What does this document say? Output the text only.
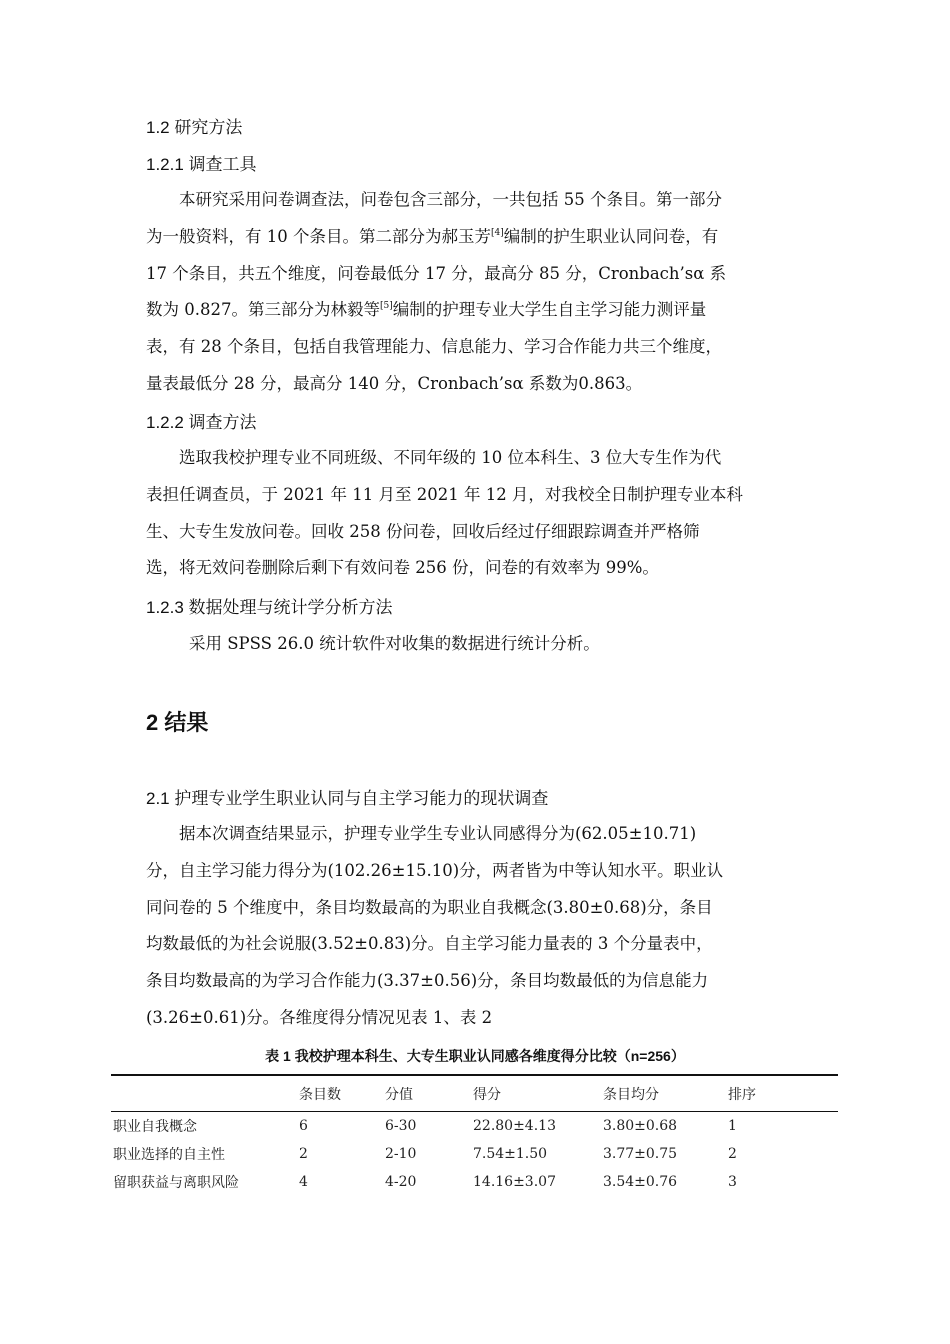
1.2 研究方法
1.2.1 调查工具
本研究采用问卷调查法，问卷包含三部分，一共包括 55 个条目。第一部分
为一般资料，有 10 个条目。第二部分为郝玉芳[4]编制的护生职业认同问卷，有
17 个条目，共五个维度，问卷最低分 17 分，最高分 85 分，Cronbach’sα 系
数为 0.827。第三部分为林毅等[5]编制的护理专业大学生自主学习能力测评量
表，有 28 个条目，包括自我管理能力、信息能力、学习合作能力共三个维度，
量表最低分 28 分，最高分 140 分，Cronbach’sα 系数为0.863。
1.2.2 调查方法
选取我校护理专业不同班级、不同年级的 10 位本科生、3 位大专生作为代
表担任调查员，于 2021 年 11 月至 2021 年 12 月，对我校全日制护理专业本科
生、大专生发放问卷。回收 258 份问卷，回收后经过仔细跟踪调查并严格筛
选，将无效问卷删除后剩下有效问卷 256 份，问卷的有效率为 99%。
1.2.3 数据处理与统计学分析方法
采用 SPSS 26.0 统计软件对收集的数据进行统计分析。
2 结果
2.1 护理专业学生职业认同与自主学习能力的现状调查
据本次调查结果显示，护理专业学生专业认同感得分为(62.05±10.71)
分，自主学习能力得分为(102.26±15.10)分，两者皆为中等认知水平。职业认
同问卷的 5 个维度中，条目均数最高的为职业自我概念(3.80±0.68)分，条目
均数最低的为社会说服(3.52±0.83)分。自主学习能力量表的 3 个分量表中，
条目均数最高的为学习合作能力(3.37±0.56)分，条目均数最低的为信息能力
(3.26±0.61)分。各维度得分情况见表 1、表 2
表 1 我校护理本科生、大专生职业认同感各维度得分比较（n=256）
	条目数	分值	得分	条目均分	排序
职业自我概念	6	6-30	22.80±4.13	3.80±0.68	1
职业选择的自主性	2	2-10	7.54±1.50	3.77±0.75	2
留职获益与离职风险	4	4-20	14.16±3.07	3.54±0.76	3
